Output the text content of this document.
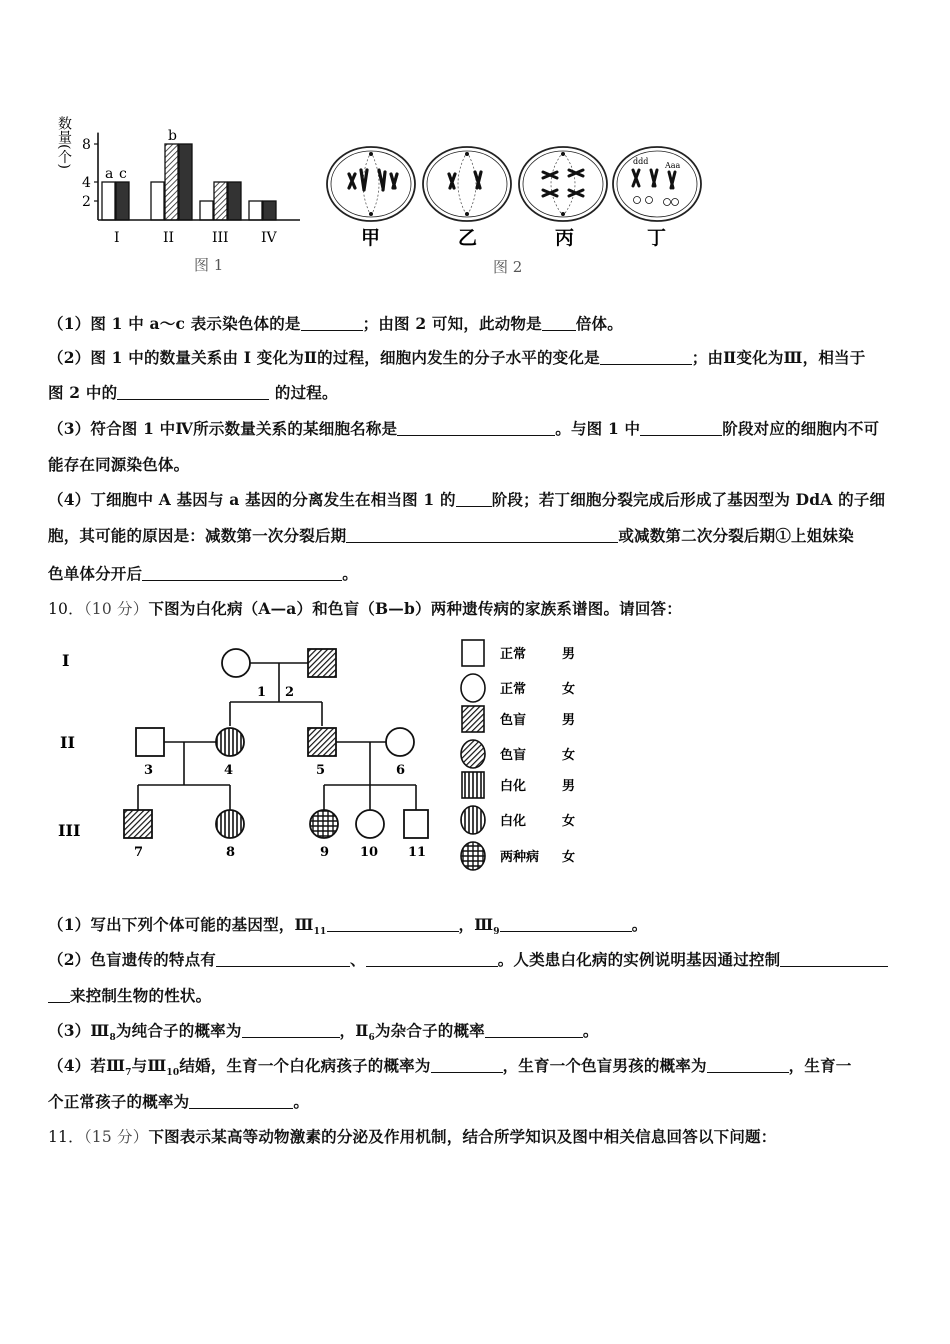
数量(个)
2
4
8
a c
I
b
II	III IV
图 1
ddd Aaa
甲	乙	丙	丁
图 2
（1）图 1 中 a～c 表示染色体的是	；由图 2 可知，此动物是 倍体。
（2）图 1 中的数量关系由 I 变化为Ⅱ的过程，细胞内发生的分子水平的变化是	；由Ⅱ变化为Ⅲ，相当于
图 2 中的	的过程。
（3）符合图 1 中Ⅳ所示数量关系的某细胞名称是	。与图 1 中	阶段对应的细胞内不可
能存在同源染色体。
（4）丁细胞中 A 基因与 a 基因的分离发生在相当图 1 的 阶段；若丁细胞分裂完成后形成了基因型为 DdA 的子细
胞，其可能的原因是：减数第一次分裂后期	或减数第二次分裂后期①上姐妹染
色单体分开后	。
10．（10 分）下图为白化病（A—a）和色盲（B—b）两种遗传病的家族系谱图。请回答：
I
II
III
1 2
3	4	5	6
7	8	9 10 11
正常	男
正常	女
色盲	男
色盲	女
白化	男
白化	女
两种病 女
（1）写出下列个体可能的基因型，$Ⅲ_{11}$	，$Ⅲ_9$	。
（2）色盲遗传的特点有	、	。人类患白化病的实例说明基因通过控制
来控制生物的性状。
$(3)Ⅲ_8$为纯合子的概率为	，$Ⅱ_6$为杂合子的概率	。
（4）若$Ⅲ_7$与$Ⅲ_{10}$结婚，生育一个白化病孩子的概率为	，生育一个色盲男孩的概率为	，生育一
个正常孩子的概率为	。
11．（15 分）下图表示某高等动物激素的分泌及作用机制，结合所学知识及图中相关信息回答以下问题：
